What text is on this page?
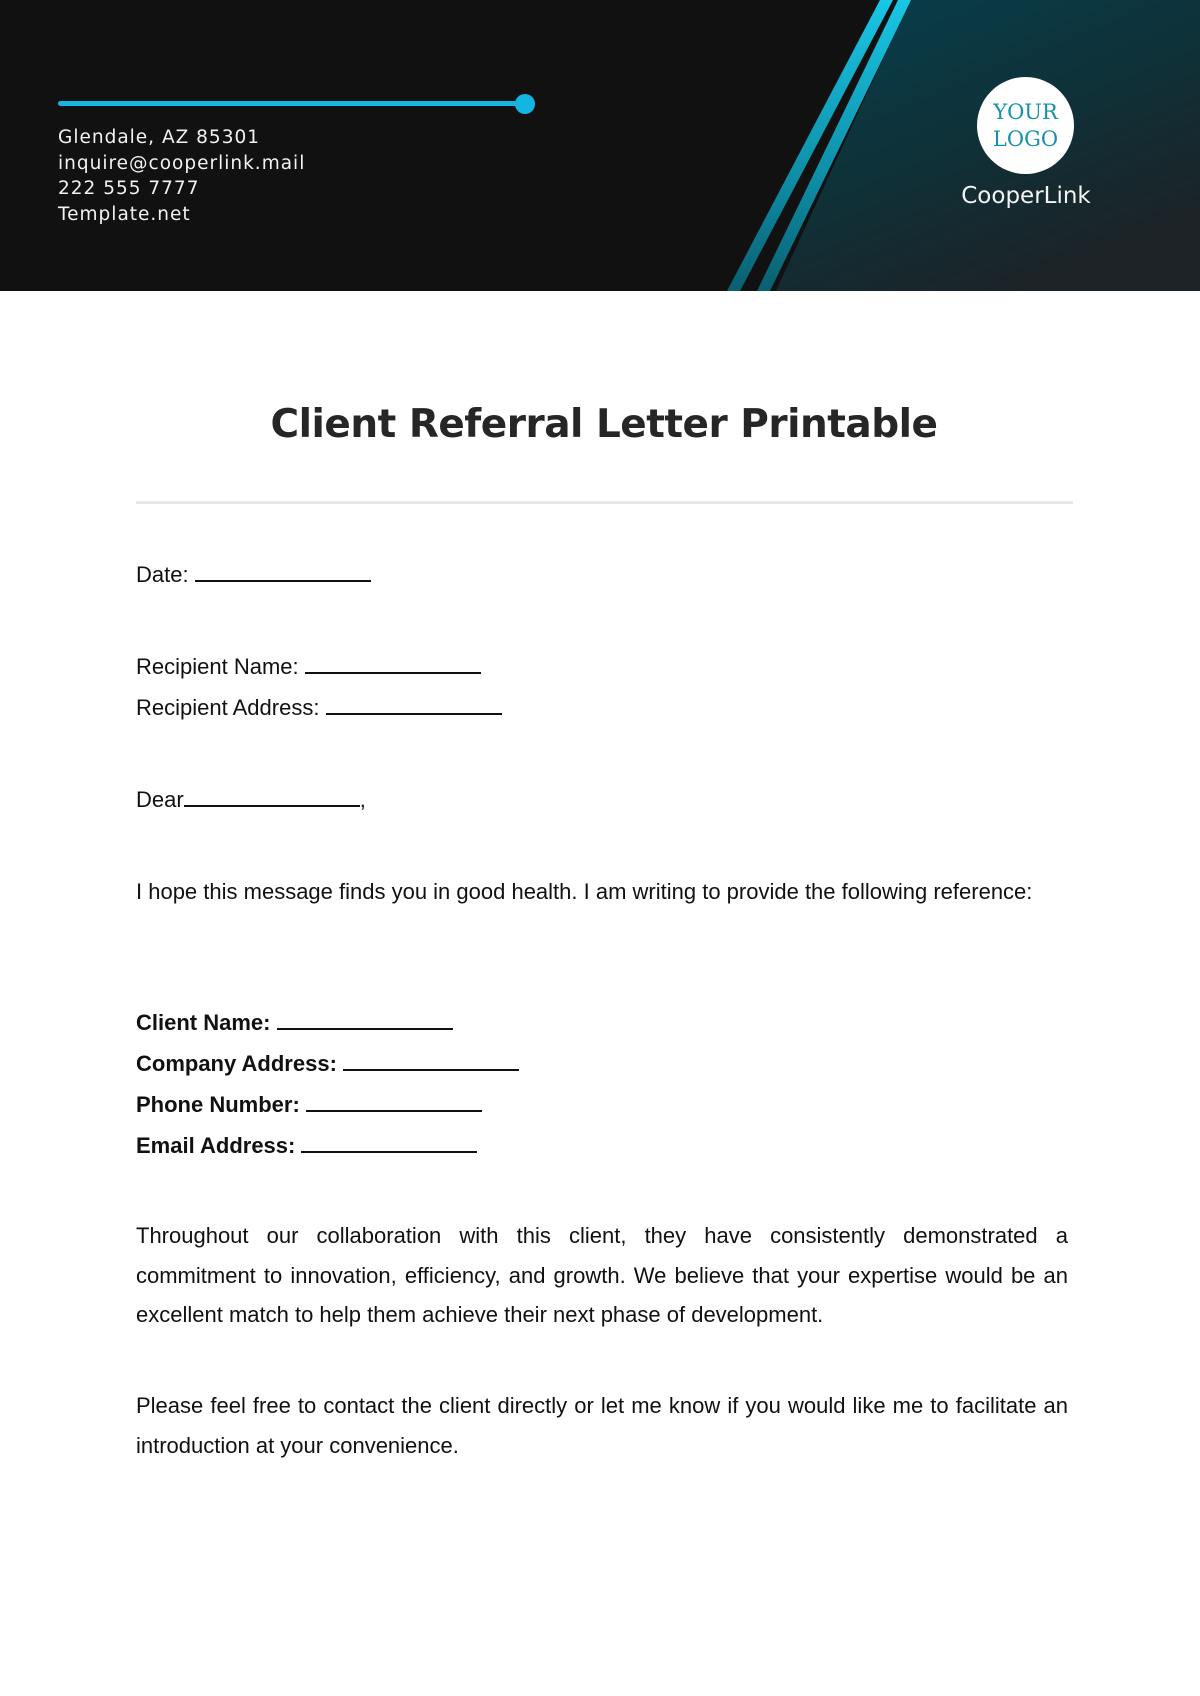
Glendale, AZ 85301
inquire@cooperlink.mail
222 555 7777
Template.net
YOUR
LOGO
CooperLink
Client Referral Letter Printable
Date:
Recipient Name:
Recipient Address:
Dear	,
I hope this message finds you in good health. I am writing to provide the following reference:
Client Name:
Company Address:
Phone Number:
Email Address:
Throughout our collaboration with this client, they have consistently demonstrated a commitment to innovation, efficiency, and growth. We believe that your expertise would be an excellent match to help them achieve their next phase of development.
Please feel free to contact the client directly or let me know if you would like me to facilitate an introduction at your convenience.
